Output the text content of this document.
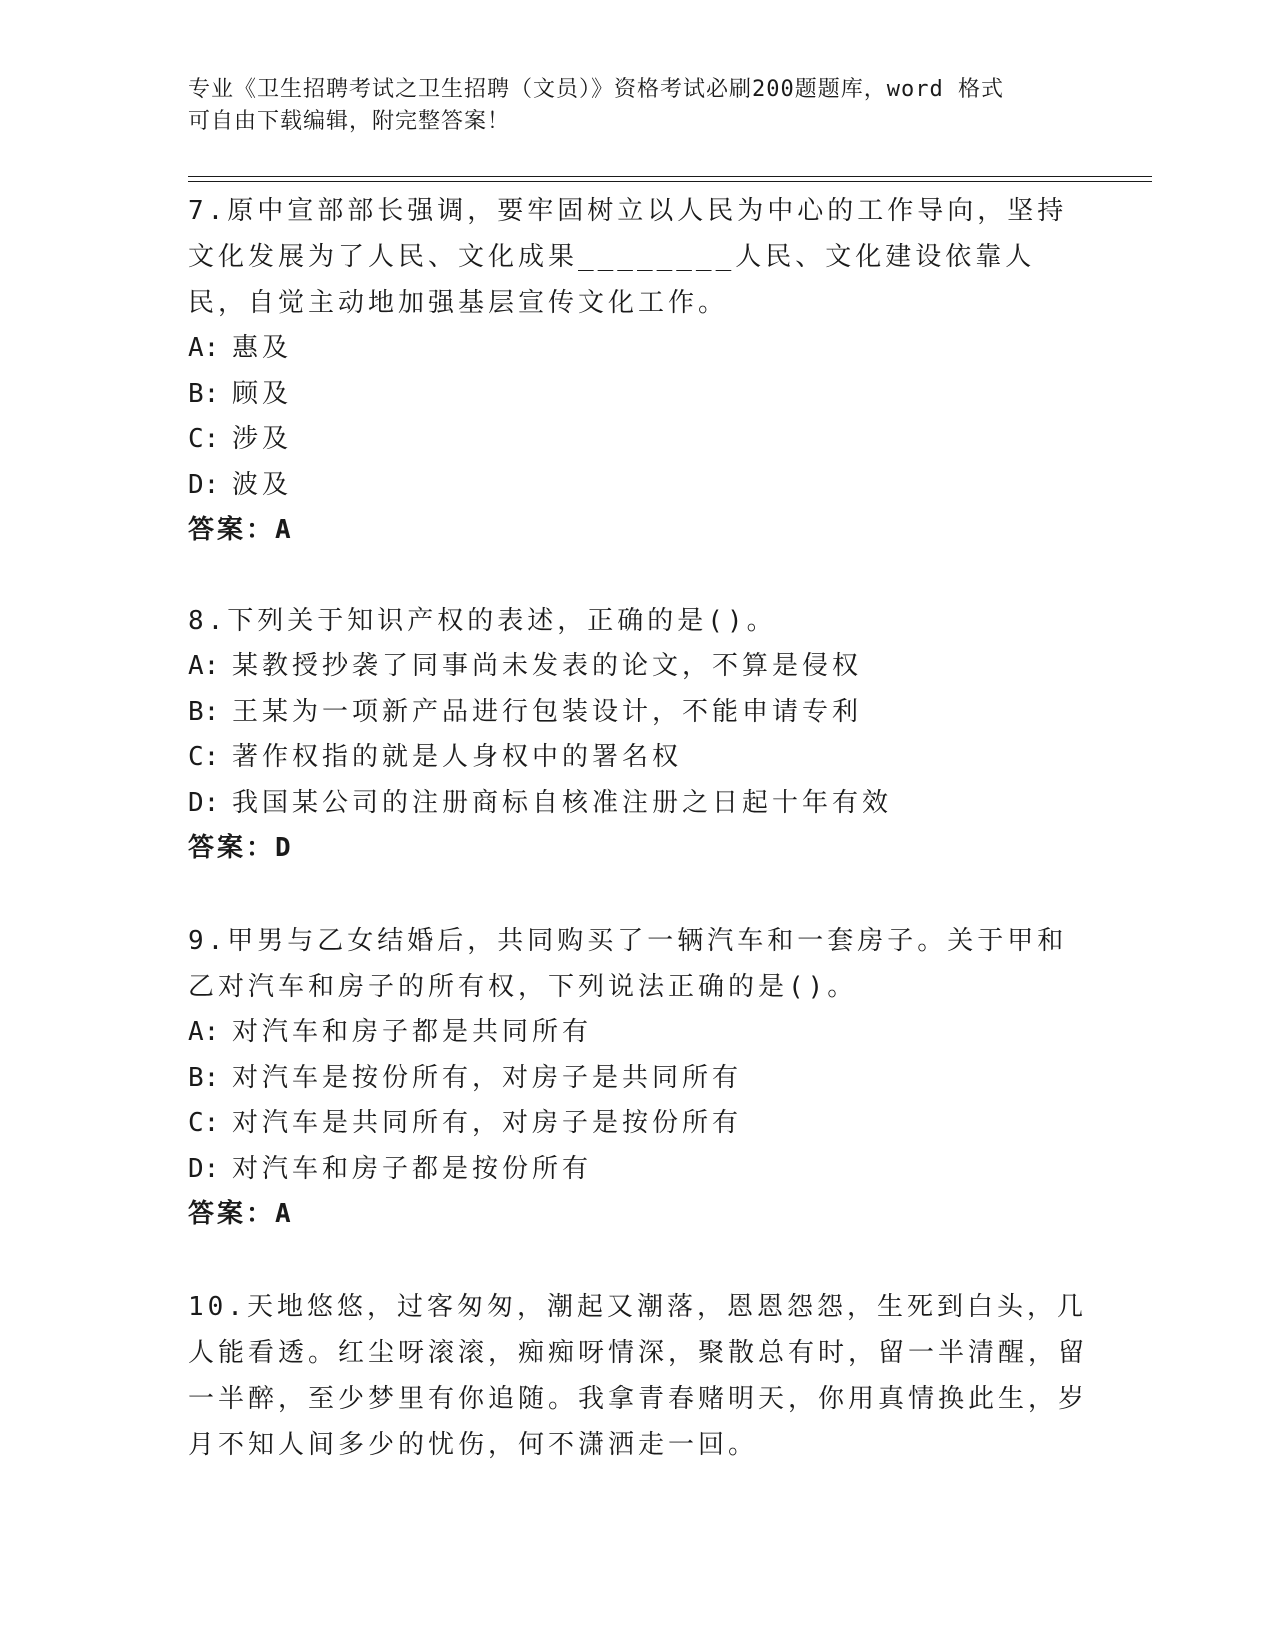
专业《卫生招聘考试之卫生招聘（文员）》资格考试必刷200题题库，word 格式
可自由下载编辑，附完整答案！

7.原中宣部部长强调，要牢固树立以人民为中心的工作导向，坚持文化发展为了人民、文化成果________人民、文化建设依靠人民，自觉主动地加强基层宣传文化工作。

A: 惠及

B: 顾及

C: 涉及

D: 波及

答案：A

8.下列关于知识产权的表述，正确的是()。

A: 某教授抄袭了同事尚未发表的论文，不算是侵权

B: 王某为一项新产品进行包装设计，不能申请专利

C: 著作权指的就是人身权中的署名权

D: 我国某公司的注册商标自核准注册之日起十年有效

答案：D

9.甲男与乙女结婚后，共同购买了一辆汽车和一套房子。关于甲和乙对汽车和房子的所有权，下列说法正确的是()。

A: 对汽车和房子都是共同所有

B: 对汽车是按份所有，对房子是共同所有

C: 对汽车是共同所有，对房子是按份所有

D: 对汽车和房子都是按份所有

答案：A

10.天地悠悠，过客匆匆，潮起又潮落，恩恩怨怨，生死到白头，几人能看透。红尘呀滚滚，痴痴呀情深，聚散总有时，留一半清醒，留一半醉，至少梦里有你追随。我拿青春赌明天，你用真情换此生，岁月不知人间多少的忧伤，何不潇洒走一回。
